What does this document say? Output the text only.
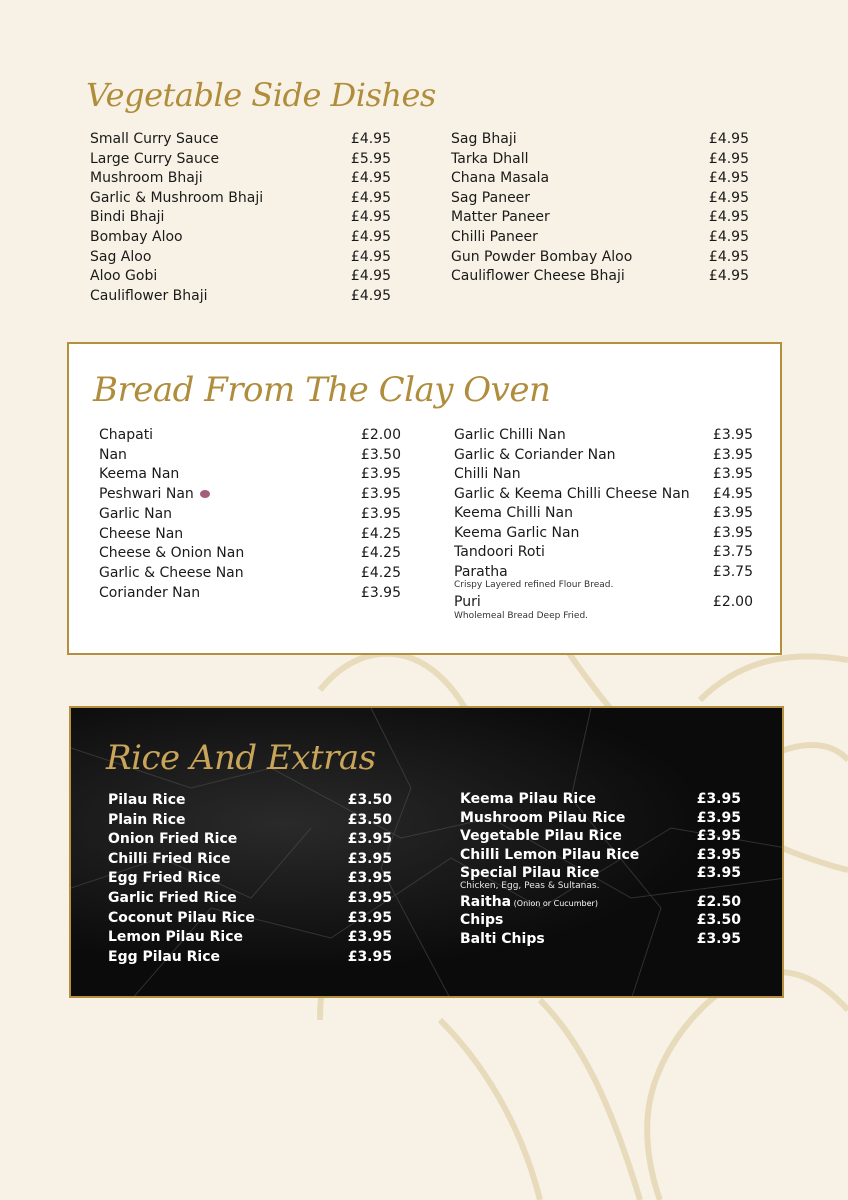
Vegetable Side Dishes
Small Curry Sauce	£4.95
Large Curry Sauce	£5.95
Mushroom Bhaji	£4.95
Garlic & Mushroom Bhaji	£4.95
Bindi Bhaji	£4.95
Bombay Aloo	£4.95
Sag Aloo	£4.95
Aloo Gobi	£4.95
Cauliflower Bhaji	£4.95
Sag Bhaji	£4.95
Tarka Dhall	£4.95
Chana Masala	£4.95
Sag Paneer	£4.95
Matter Paneer	£4.95
Chilli Paneer	£4.95
Gun Powder Bombay Aloo	£4.95
Cauliflower Cheese Bhaji	£4.95
Bread From The Clay Oven
Chapati	£2.00
Nan	£3.50
Keema Nan	£3.95
Peshwari Nan	£3.95
Garlic Nan	£3.95
Cheese Nan	£4.25
Cheese & Onion Nan	£4.25
Garlic & Cheese Nan	£4.25
Coriander Nan	£3.95
Garlic Chilli Nan	£3.95
Garlic & Coriander Nan	£3.95
Chilli Nan	£3.95
Garlic & Keema Chilli Cheese Nan £4.95
Keema Chilli Nan	£3.95
Keema Garlic Nan	£3.95
Tandoori Roti	£3.75
Paratha	£3.75
Crispy Layered refined Flour Bread.
Puri	£2.00
Wholemeal Bread Deep Fried.
Rice And Extras
Pilau Rice	£3.50
Plain Rice	£3.50
Onion Fried Rice	£3.95
Chilli Fried Rice	£3.95
Egg Fried Rice	£3.95
Garlic Fried Rice	£3.95
Coconut Pilau Rice	£3.95
Lemon Pilau Rice	£3.95
Egg Pilau Rice	£3.95
Keema Pilau Rice	£3.95
Mushroom Pilau Rice	£3.95
Vegetable Pilau Rice	£3.95
Chilli Lemon Pilau Rice	£3.95
Special Pilau Rice	£3.95
Chicken, Egg, Peas & Sultanas.
Raitha (Onion or Cucumber)	£2.50
Chips	£3.50
Balti Chips	£3.95
